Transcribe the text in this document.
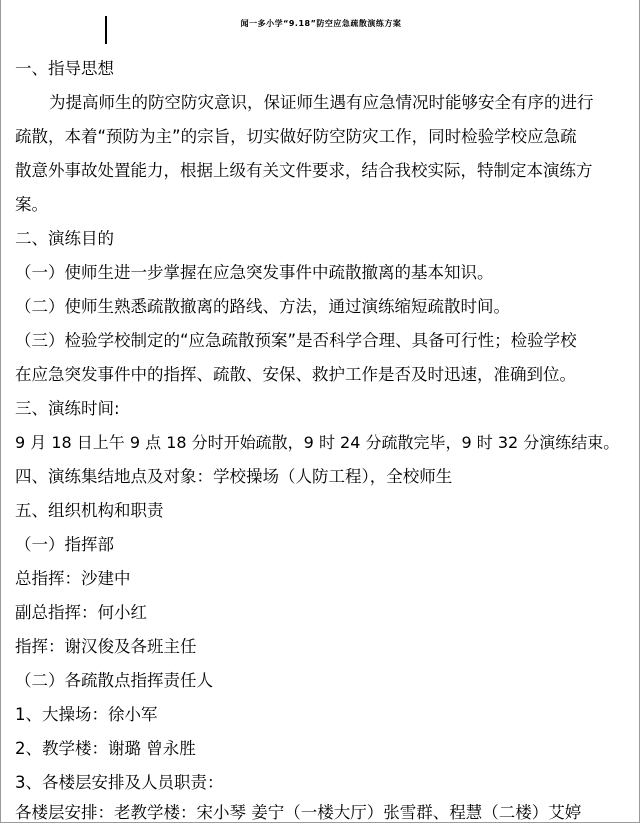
闻一多小学“9.18”防空应急疏散演练方案
一、指导思想
为提高师生的防空防灾意识，保证师生遇有应急情况时能够安全有序的进行
疏散，本着“预防为主”的宗旨，切实做好防空防灾工作，同时检验学校应急疏
散意外事故处置能力，根据上级有关文件要求，结合我校实际，特制定本演练方
案。
二、演练目的
（一）使师生进一步掌握在应急突发事件中疏散撤离的基本知识。
（二）使师生熟悉疏散撤离的路线、方法，通过演练缩短疏散时间。
（三）检验学校制定的“应急疏散预案”是否科学合理、具备可行性；检验学校
在应急突发事件中的指挥、疏散、安保、救护工作是否及时迅速，准确到位。
三、演练时间:
9 月 18 日上午 9 点 18 分时开始疏散，9 时 24 分疏散完毕，9 时 32 分演练结束。
四、演练集结地点及对象：学校操场（人防工程），全校师生
五、组织机构和职责
（一）指挥部
总指挥：沙建中
副总指挥：何小红
指挥：谢汉俊及各班主任
（二）各疏散点指挥责任人
1、大操场：徐小军
2、教学楼：谢璐 曾永胜
3、各楼层安排及人员职责：
各楼层安排：老教学楼：宋小琴 姜宁（一楼大厅）张雪群、程慧（二楼）艾婷
